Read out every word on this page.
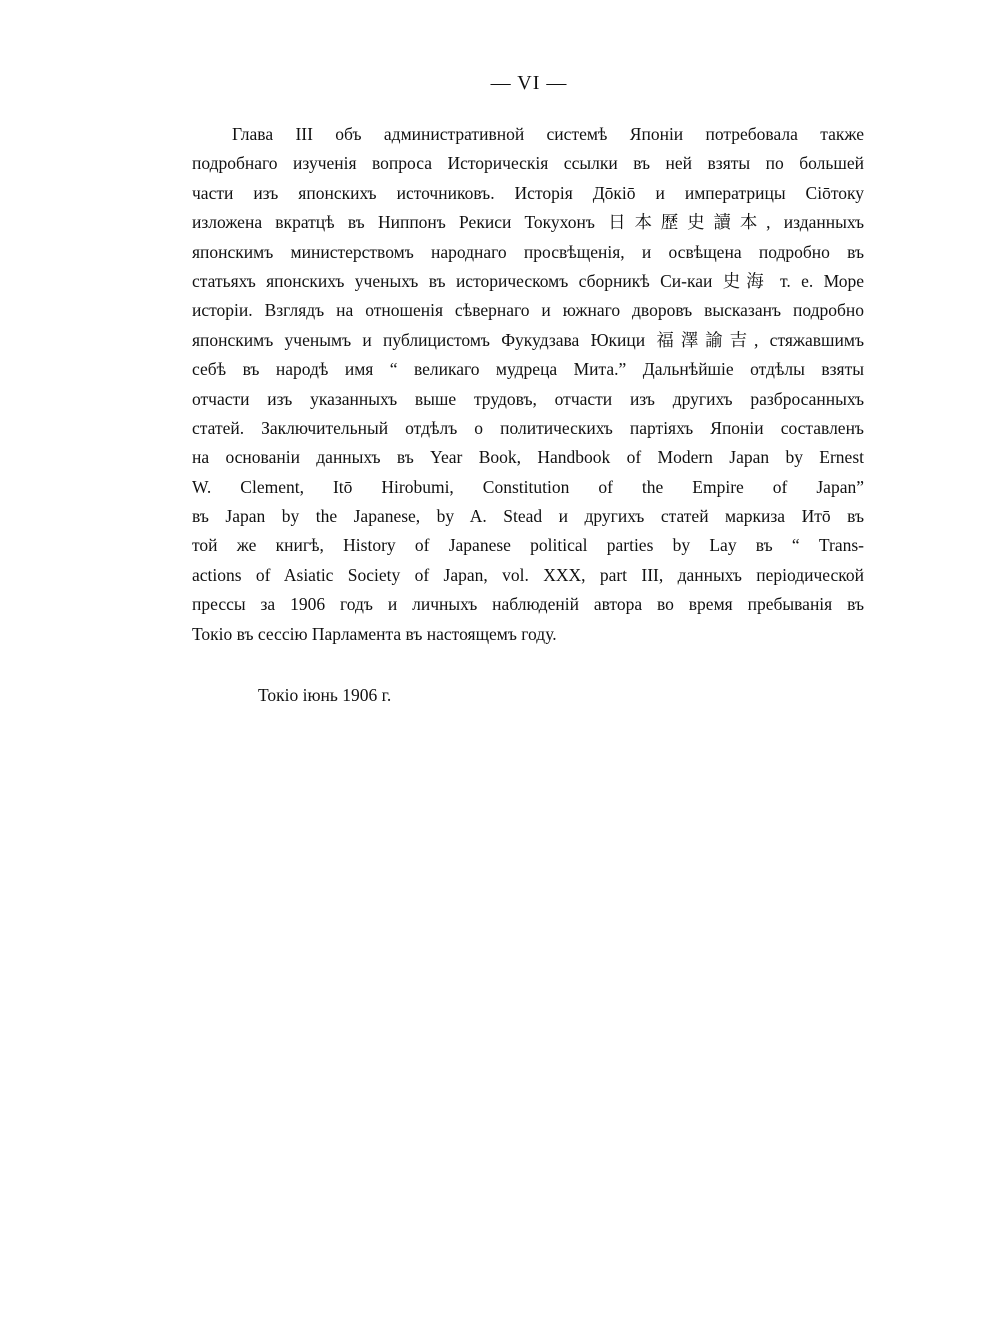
— VI —
Глава III объ административной системѣ Японіи потребовала также
подробнаго изученія вопроса Историческія ссылки въ ней взяты по большей
части изъ японскихъ источниковъ. Исторія Дōкiō и императрицы Сiōтоку
изложена вкратцѣ въ Ниппонъ Рекиси Токухонъ 日本歷史讀本, изданныхъ
японскимъ министерствомъ народнаго просвѣщенія, и освѣщена подробно въ
статьяхъ японскихъ ученыхъ въ историческомъ сборникѣ Си-каи 史海 т. е. Море
исторіи. Взглядъ на отношенія сѣвернаго и южнаго дворовъ высказанъ подробно
японскимъ ученымъ и публицистомъ Фукудзава Юкици 福澤諭吉, стяжавшимъ
себѣ въ народѣ имя “ великаго мудреца Мита.” Дальнѣйшіе отдѣлы взяты
отчасти изъ указанныхъ выше трудовъ, отчасти изъ другихъ разбросанныхъ
статей. Заключительный отдѣлъ о политическихъ партіяхъ Японіи составленъ
на основаніи данныхъ въ Year Book, Handbook of Modern Japan by Ernest
W. Clement, Itō Hirobumi, Constitution of the Empire of Japan”
въ Japan by the Japanese, by A. Stead и другихъ статей маркиза Итō въ
той же книгѣ, History of Japanese political parties by Lay въ “ Trans-
actions of Asiatic Society of Japan, vol. XXX, part III, данныхъ періодической
прессы за 1906 годъ и личныхъ наблюденій автора во время пребыванія въ
Токіо въ сессію Парламента въ настоящемъ году.
Токіо іюнь 1906 г.
